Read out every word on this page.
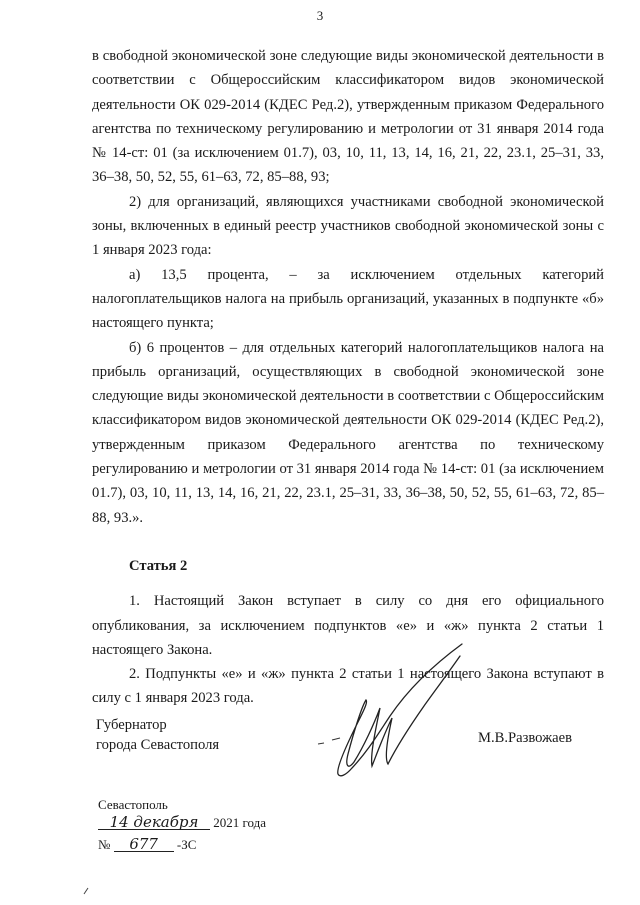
3

в свободной экономической зоне следующие виды экономической деятельности в соответствии с Общероссийским классификатором видов экономической деятельности ОК 029-2014 (КДЕС Ред.2), утвержденным приказом Федерального агентства по техническому регулированию и метрологии от 31 января 2014 года № 14-ст: 01 (за исключением 01.7), 03, 10, 11, 13, 14, 16, 21, 22, 23.1, 25–31, 33, 36–38, 50, 52, 55, 61–63, 72, 85–88, 93;

2) для организаций, являющихся участниками свободной экономической зоны, включенных в единый реестр участников свободной экономической зоны с 1 января 2023 года:

а) 13,5 процента, – за исключением отдельных категорий налогоплательщиков налога на прибыль организаций, указанных в подпункте «б» настоящего пункта;

б) 6 процентов – для отдельных категорий налогоплательщиков налога на прибыль организаций, осуществляющих в свободной экономической зоне следующие виды экономической деятельности в соответствии с Общероссийским классификатором видов экономической деятельности ОК 029-2014 (КДЕС Ред.2), утвержденным приказом Федерального агентства по техническому регулированию и метрологии от 31 января 2014 года № 14-ст: 01 (за исключением 01.7), 03, 10, 11, 13, 14, 16, 21, 22, 23.1, 25–31, 33, 36–38, 50, 52, 55, 61–63, 72, 85–88, 93.».

Статья 2

1. Настоящий Закон вступает в силу со дня его официального опубликования, за исключением подпунктов «е» и «ж» пункта 2 статьи 1 настоящего Закона.

2. Подпункты «е» и «ж» пункта 2 статьи 1 настоящего Закона вступают в силу с 1 января 2023 года.

Губернатор
города Севастополя	М.В.Развожаев
Севастополь
14 декабря 2021 года
№ 677 -ЗС
